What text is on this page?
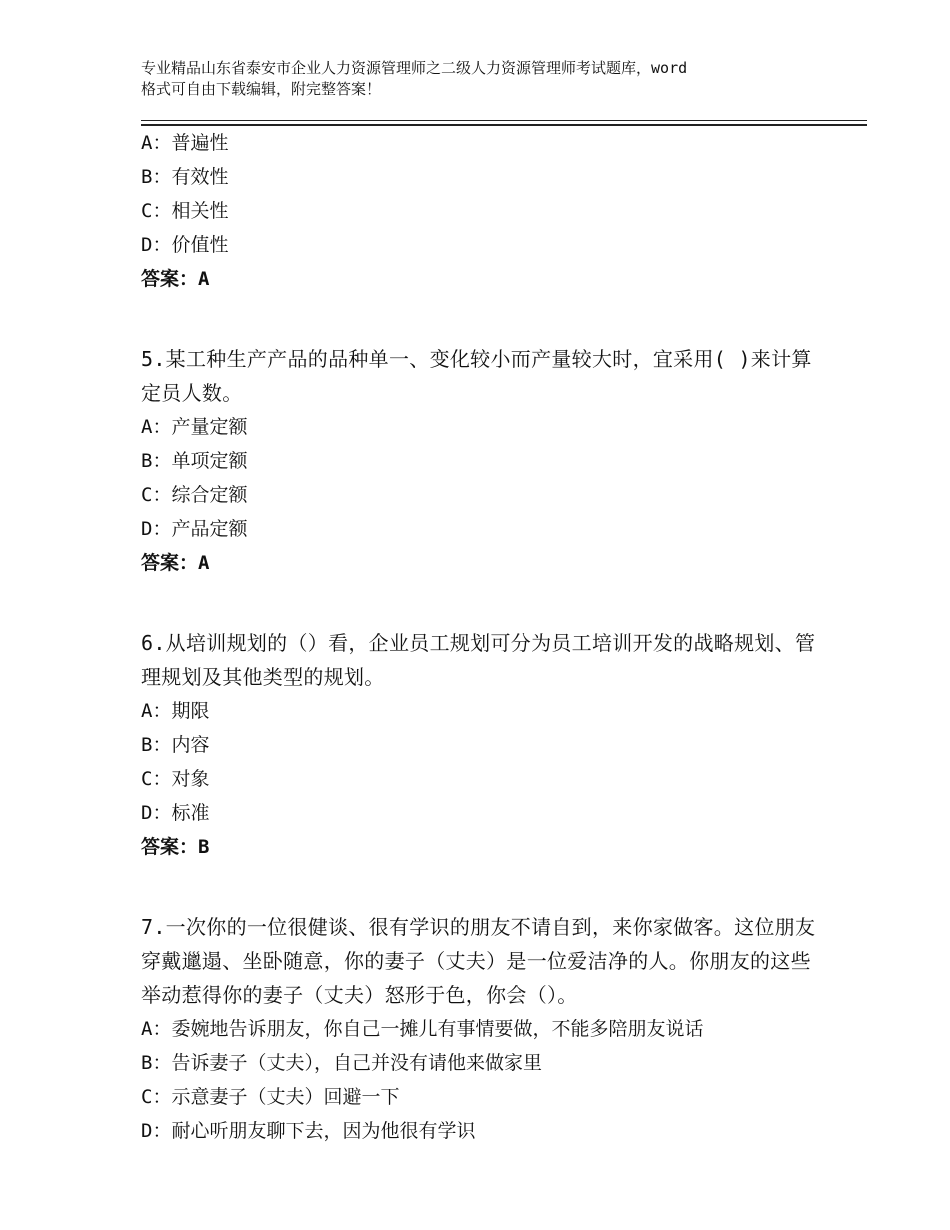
专业精品山东省泰安市企业人力资源管理师之二级人力资源管理师考试题库，word
格式可自由下载编辑，附完整答案！
A：普遍性
B：有效性
C：相关性
D：价值性
答案：A
5.某工种生产产品的品种单一、变化较小而产量较大时，宜采用( )来计算定员人数。
A：产量定额
B：单项定额
C：综合定额
D：产品定额
答案：A
6.从培训规划的（）看，企业员工规划可分为员工培训开发的战略规划、管理规划及其他类型的规划。
A：期限
B：内容
C：对象
D：标准
答案：B
7.一次你的一位很健谈、很有学识的朋友不请自到，来你家做客。这位朋友穿戴邋遢、坐卧随意，你的妻子（丈夫）是一位爱洁净的人。你朋友的这些举动惹得你的妻子（丈夫）怒形于色，你会（）。
A：委婉地告诉朋友，你自己一摊儿有事情要做，不能多陪朋友说话
B：告诉妻子（丈夫），自己并没有请他来做家里
C：示意妻子（丈夫）回避一下
D：耐心听朋友聊下去，因为他很有学识
